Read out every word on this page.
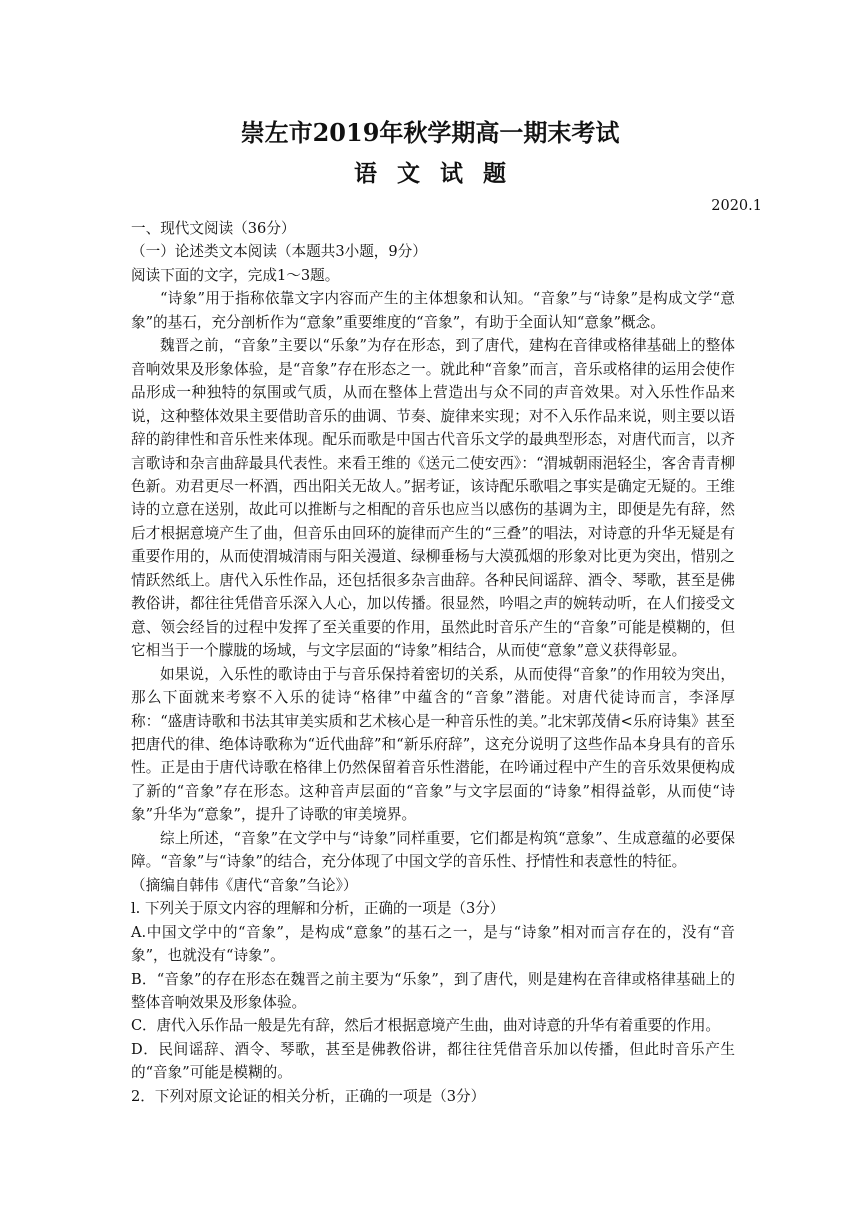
崇左市2019年秋学期高一期末考试
语文试题

2020.1

一、现代文阅读（36分）

（一）论述类文本阅读（本题共3小题，9分）

阅读下面的文字，完成1～3题。

“诗象”用于指称依靠文字内容而产生的主体想象和认知。“音象”与“诗象”是构成文学“意象”的基石，充分剖析作为“意象”重要维度的“音象”，有助于全面认知“意象”概念。

魏晋之前，“音象”主要以“乐象”为存在形态，到了唐代，建构在音律或格律基础上的整体音响效果及形象体验，是“音象”存在形态之一。就此种“音象”而言，音乐或格律的运用会使作品形成一种独特的氛围或气质，从而在整体上营造出与众不同的声音效果。对入乐性作品来说，这种整体效果主要借助音乐的曲调、节奏、旋律来实现；对不入乐作品来说，则主要以语辞的韵律性和音乐性来体现。配乐而歌是中国古代音乐文学的最典型形态，对唐代而言，以齐言歌诗和杂言曲辞最具代表性。来看王维的《送元二使安西》：“渭城朝雨浥轻尘，客舍青青柳色新。劝君更尽一杯酒，西出阳关无故人。”据考证，该诗配乐歌唱之事实是确定无疑的。王维诗的立意在送别，故此可以推断与之相配的音乐也应当以感伤的基调为主，即便是先有辞，然后才根据意境产生了曲，但音乐由回环的旋律而产生的“三叠”的唱法，对诗意的升华无疑是有重要作用的，从而使渭城清雨与阳关漫道、绿柳垂杨与大漠孤烟的形象对比更为突出，惜别之情跃然纸上。唐代入乐性作品，还包括很多杂言曲辞。各种民间谣辞、酒令、琴歌，甚至是佛教俗讲，都往往凭借音乐深入人心，加以传播。很显然，吟唱之声的婉转动听，在人们接受文意、领会经旨的过程中发挥了至关重要的作用，虽然此时音乐产生的“音象”可能是模糊的，但它相当于一个朦胧的场域，与文字层面的“诗象”相结合，从而使“意象”意义获得彰显。

如果说，入乐性的歌诗由于与音乐保持着密切的关系，从而使得“音象”的作用较为突出，那么下面就来考察不入乐的徒诗“格律”中蕴含的“音象”潜能。对唐代徒诗而言，李泽厚称：“盛唐诗歌和书法其审美实质和艺术核心是一种音乐性的美。”北宋郭茂倩<乐府诗集》甚至把唐代的律、绝体诗歌称为“近代曲辞”和“新乐府辞”，这充分说明了这些作品本身具有的音乐性。正是由于唐代诗歌在格律上仍然保留着音乐性潜能，在吟诵过程中产生的音乐效果便构成了新的“音象”存在形态。这种音声层面的“音象”与文字层面的“诗象”相得益彰，从而使“诗象”升华为“意象”，提升了诗歌的审美境界。

综上所述，“音象”在文学中与“诗象”同样重要，它们都是构筑“意象”、生成意蕴的必要保障。“音象”与“诗象”的结合，充分体现了中国文学的音乐性、抒情性和表意性的特征。

（摘编自韩伟《唐代“音象”刍论》）

l. 下列关于原文内容的理解和分析，正确的一项是（3分）

A.中国文学中的“音象”，是构成“意象”的基石之一，是与“诗象”相对而言存在的，没有“音象”，也就没有“诗象”。

B．“音象”的存在形态在魏晋之前主要为“乐象”，到了唐代，则是建构在音律或格律基础上的整体音响效果及形象体验。

C．唐代入乐作品一般是先有辞，然后才根据意境产生曲，曲对诗意的升华有着重要的作用。

D．民间谣辞、酒令、琴歌，甚至是佛教俗讲，都往往凭借音乐加以传播，但此时音乐产生的“音象”可能是模糊的。

2．下列对原文论证的相关分析，正确的一项是（3分）
